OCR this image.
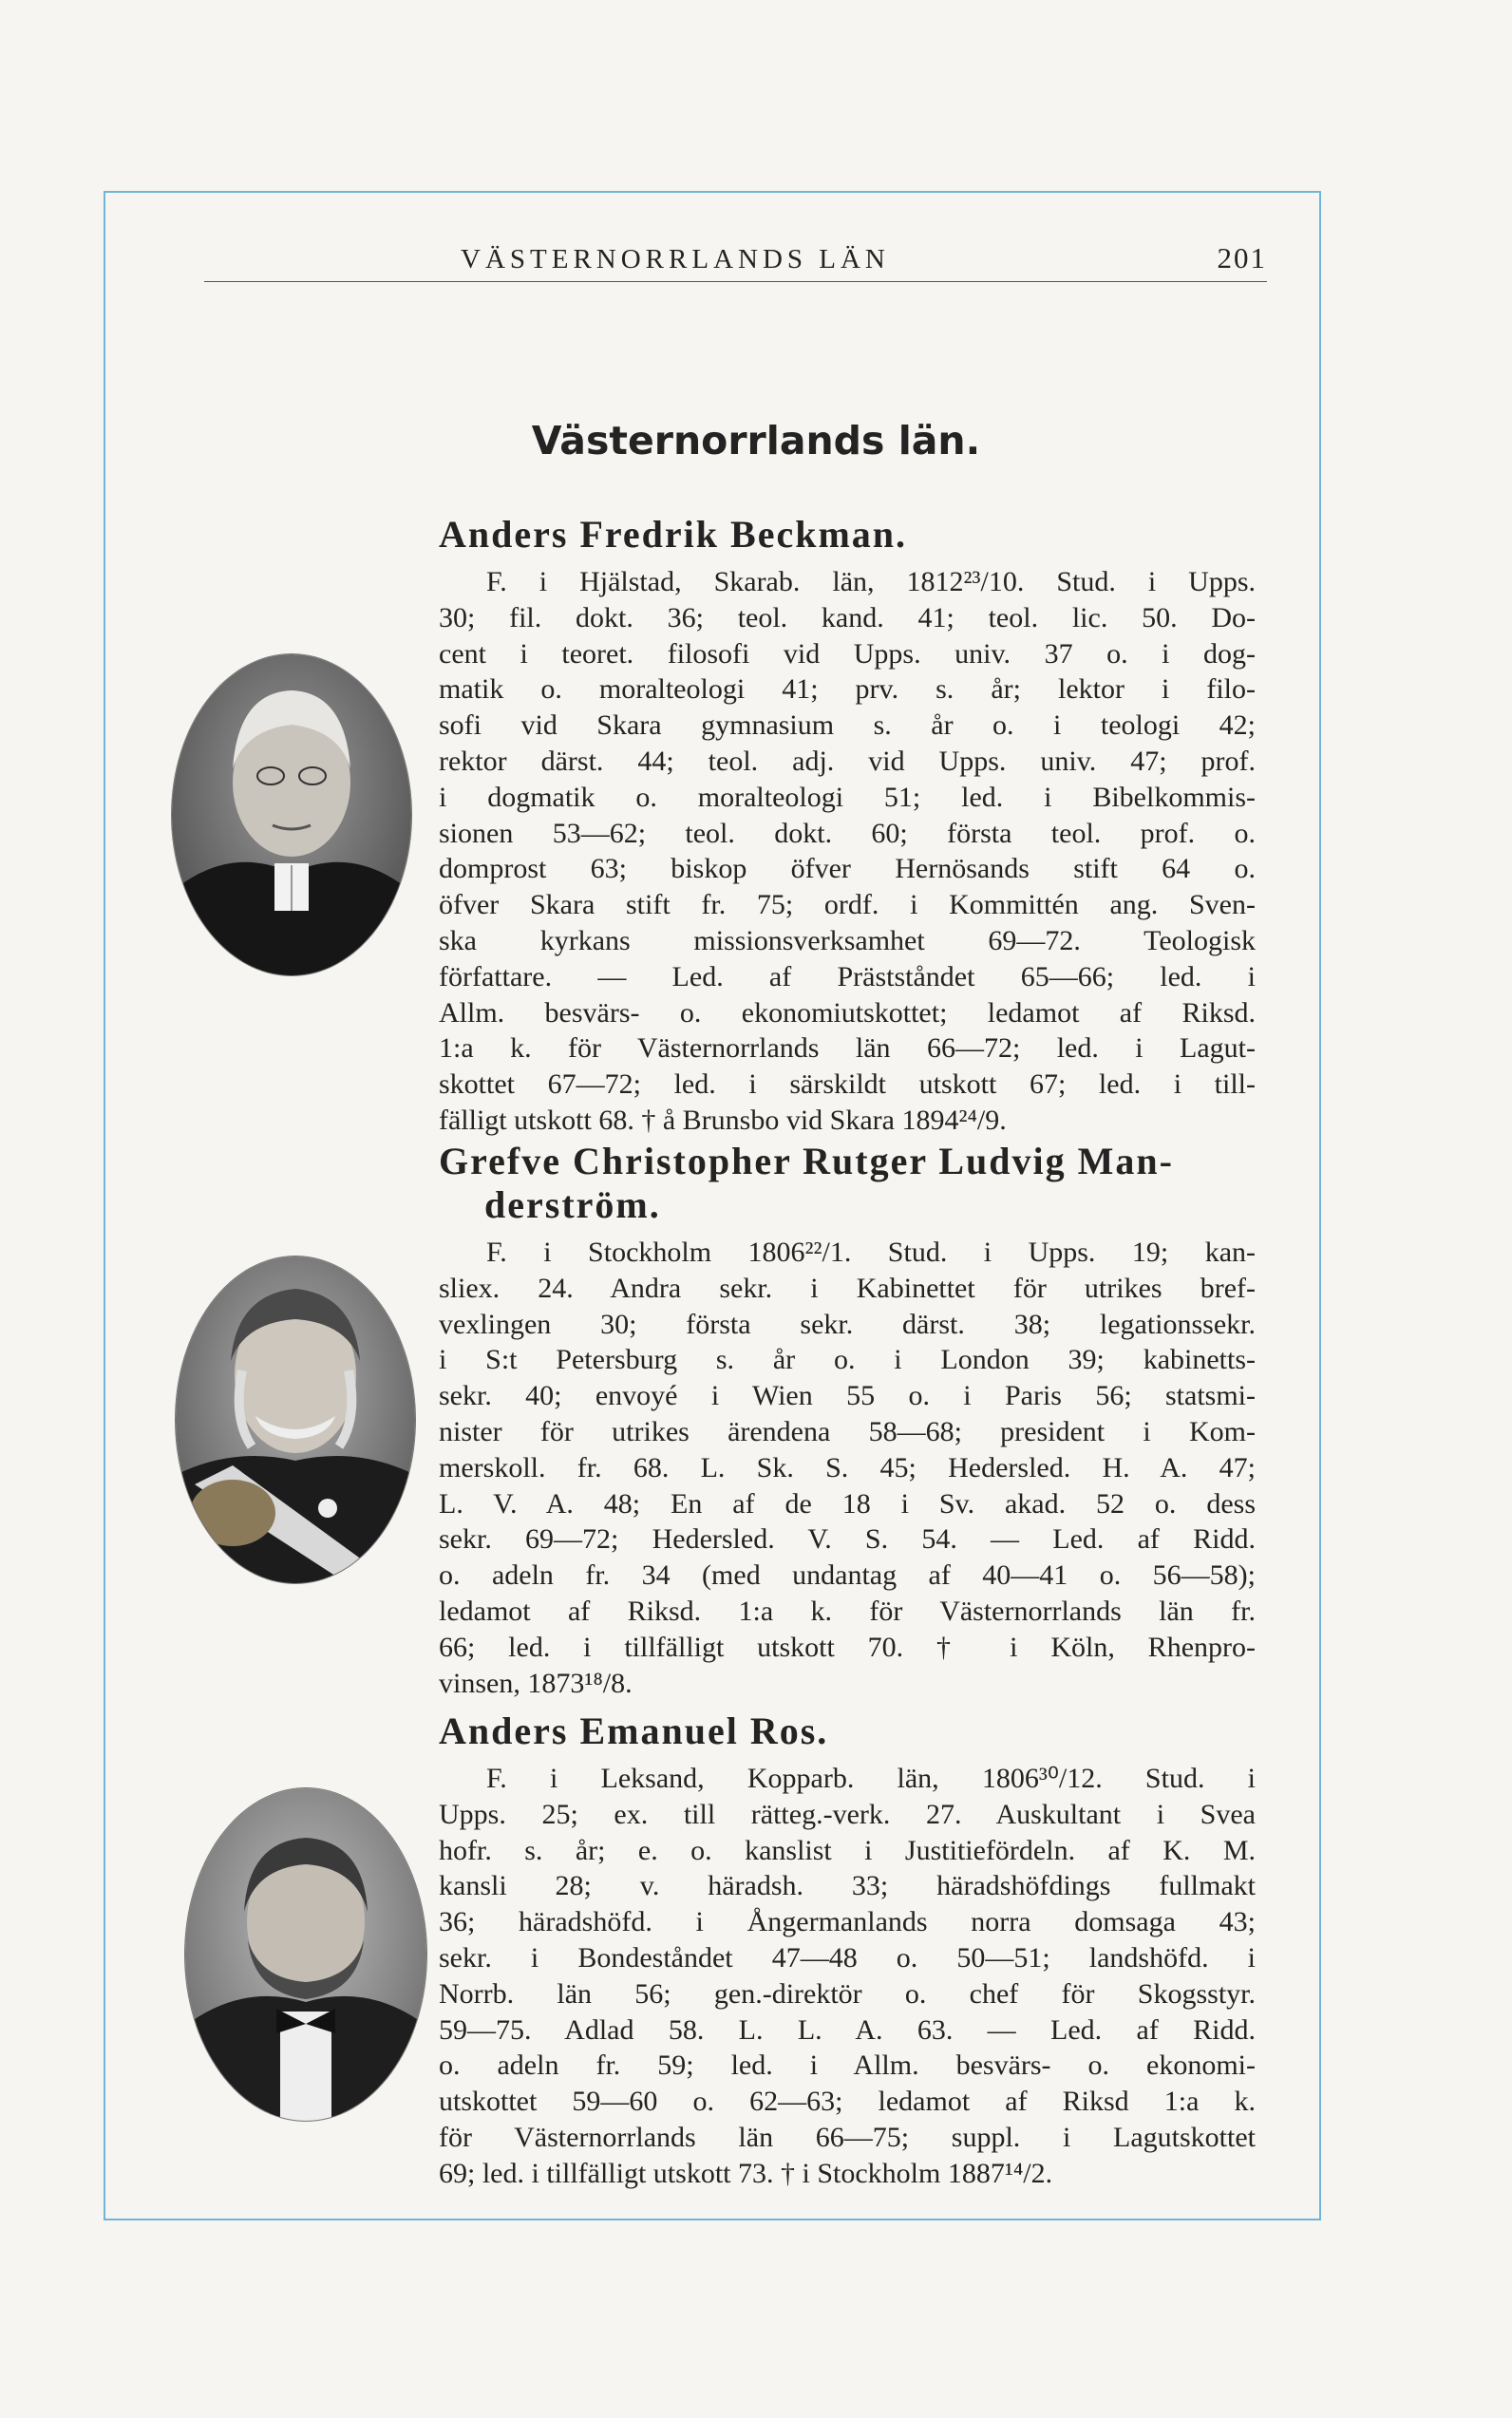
VÄSTERNORRLANDS LÄN	201
Västernorrlands län.
Anders Fredrik Beckman.

F. i Hjälstad, Skarab. län, 1812²³/10. Stud. i Upps.
30; fil. dokt. 36; teol. kand. 41; teol. lic. 50. Do-
cent i teoret. filosofi vid Upps. univ. 37 o. i dog-
matik o. moralteologi 41; prv. s. år; lektor i filo-
sofi vid Skara gymnasium s. år o. i teologi 42;
rektor därst. 44; teol. adj. vid Upps. univ. 47; prof.
i dogmatik o. moralteologi 51; led. i Bibelkommis-
sionen 53—62; teol. dokt. 60; första teol. prof. o.
domprost 63; biskop öfver Hernösands stift 64 o.
öfver Skara stift fr. 75; ordf. i Kommittén ang. Sven-
ska kyrkans missionsverksamhet 69—72. Teologisk
författare. — Led. af Prästståndet 65—66; led. i
Allm. besvärs- o. ekonomiutskottet; ledamot af Riksd.
1:a k. för Västernorrlands län 66—72; led. i Lagut-
skottet 67—72; led. i särskildt utskott 67; led. i till-
fälligt utskott 68. † å Brunsbo vid Skara 1894²⁴/9.

Grefve Christopher Rutger Ludvig Man-
derström.

F. i Stockholm 1806²²/1. Stud. i Upps. 19; kan-
sliex. 24. Andra sekr. i Kabinettet för utrikes bref-
vexlingen 30; första sekr. därst. 38; legationssekr.
i S:t Petersburg s. år o. i London 39; kabinetts-
sekr. 40; envoyé i Wien 55 o. i Paris 56; statsmi-
nister för utrikes ärendena 58—68; president i Kom-
merskoll. fr. 68. L. Sk. S. 45; Hedersled. H. A. 47;
L. V. A. 48; En af de 18 i Sv. akad. 52 o. dess
sekr. 69—72; Hedersled. V. S. 54. — Led. af Ridd.
o. adeln fr. 34 (med undantag af 40—41 o. 56—58);
ledamot af Riksd. 1:a k. för Västernorrlands län fr.
66; led. i tillfälligt utskott 70. † i Köln, Rhenpro-
vinsen, 1873¹⁸/8.

Anders Emanuel Ros.

F. i Leksand, Kopparb. län, 1806³⁰/12. Stud. i
Upps. 25; ex. till rätteg.-verk. 27. Auskultant i Svea
hofr. s. år; e. o. kanslist i Justitiefördeln. af K. M.
kansli 28; v. häradsh. 33; häradshöfdings fullmakt
36; häradshöfd. i Ångermanlands norra domsaga 43;
sekr. i Bondeståndet 47—48 o. 50—51; landshöfd. i
Norrb. län 56; gen.-direktör o. chef för Skogsstyr.
59—75. Adlad 58. L. L. A. 63. — Led. af Ridd.
o. adeln fr. 59; led. i Allm. besvärs- o. ekonomi-
utskottet 59—60 o. 62—63; ledamot af Riksd 1:a k.
för Västernorrlands län 66—75; suppl. i Lagutskottet
69; led. i tillfälligt utskott 73. † i Stockholm 1887¹⁴/2.
